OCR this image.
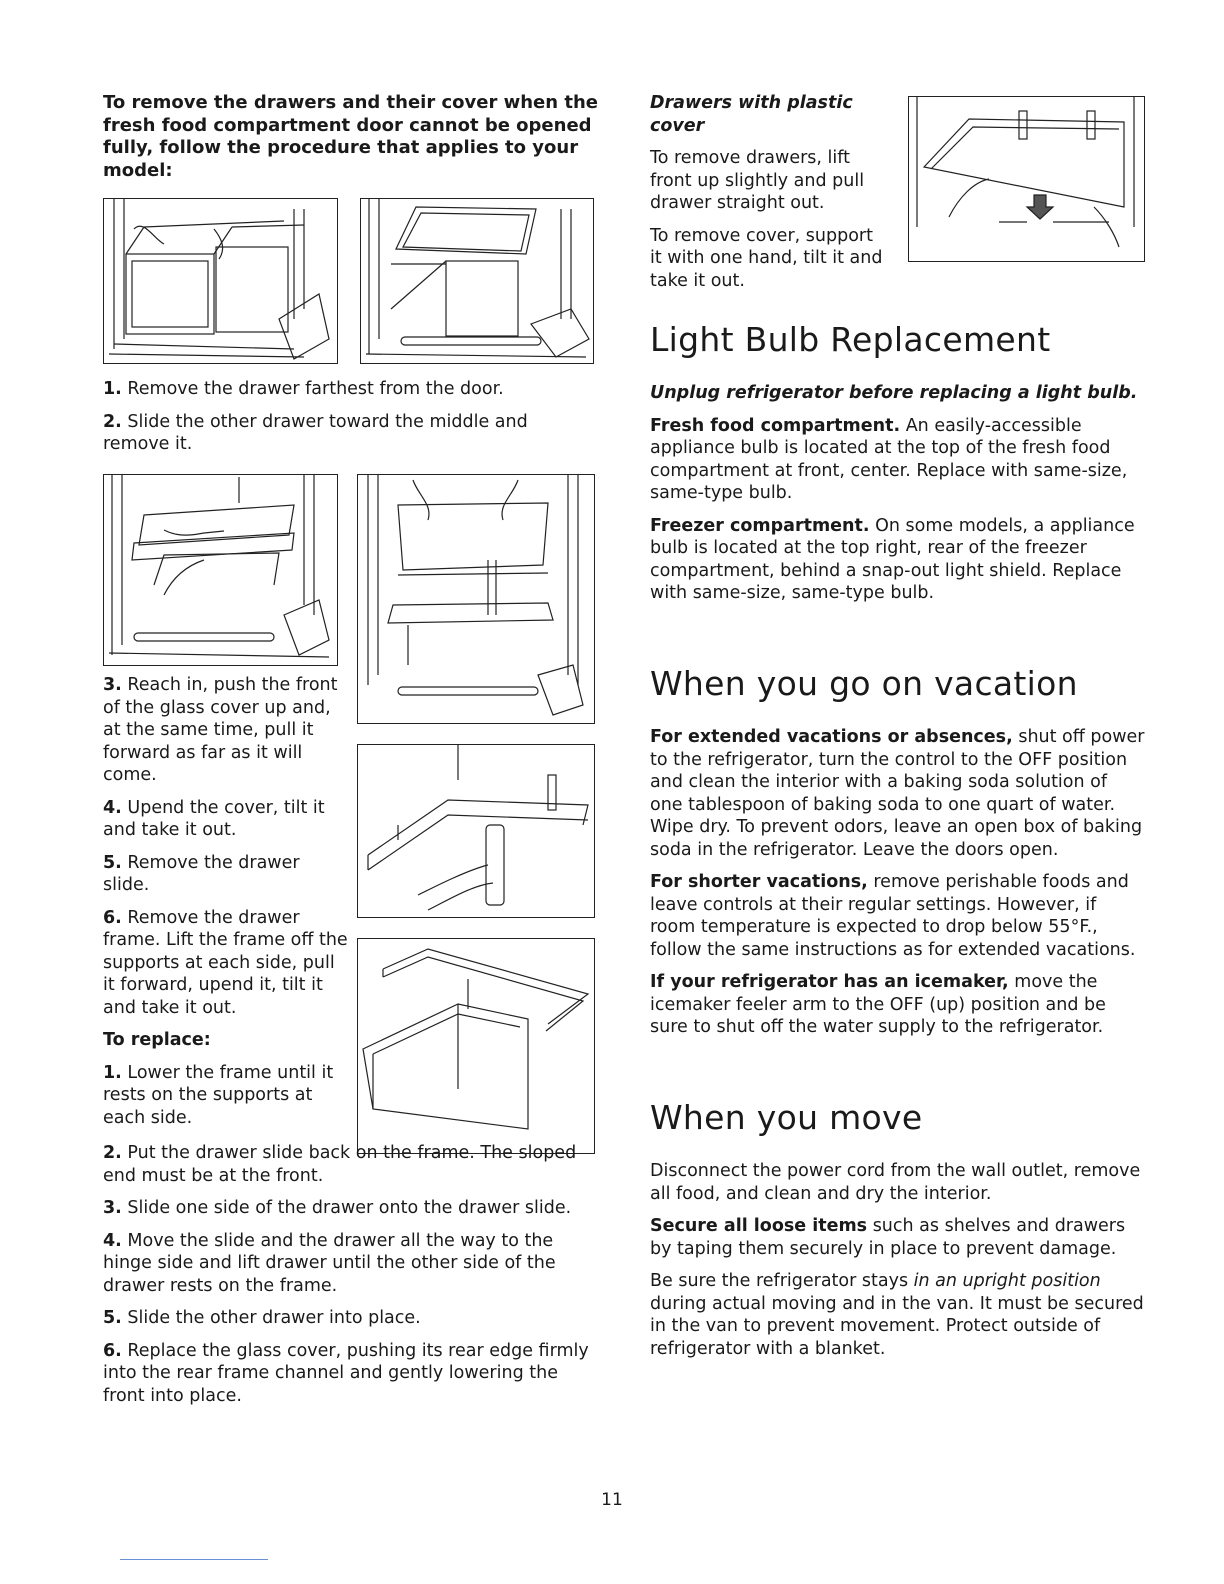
To remove the drawers and their cover when the fresh food compartment door cannot be opened fully, follow the procedure that applies to your model:

1. Remove the drawer farthest from the door.

2. Slide the other drawer toward the middle and remove it.

3. Reach in, push the front of the glass cover up and, at the same time, pull it forward as far as it will come.

4. Upend the cover, tilt it and take it out.

5. Remove the drawer slide.

6. Remove the drawer frame. Lift the frame off the supports at each side, pull it forward, upend it, tilt it and take it out.

To replace:

1. Lower the frame until it rests on the supports at each side.

2. Put the drawer slide back on the frame. The sloped end must be at the front.

3. Slide one side of the drawer onto the drawer slide.

4. Move the slide and the drawer all the way to the hinge side and lift drawer until the other side of the drawer rests on the frame.

5. Slide the other drawer into place.

6. Replace the glass cover, pushing its rear edge firmly into the rear frame channel and gently lowering the front into place.

Drawers with plastic cover

To remove drawers, lift front up slightly and pull drawer straight out.

To remove cover, support it with one hand, tilt it and take it out.

Light Bulb Replacement

Unplug refrigerator before replacing a light bulb.

Fresh food compartment. An easily-accessible appliance bulb is located at the top of the fresh food compartment at front, center. Replace with same-size, same-type bulb.

Freezer compartment. On some models, a appliance bulb is located at the top right, rear of the freezer compartment, behind a snap-out light shield. Replace with same-size, same-type bulb.

When you go on vacation

For extended vacations or absences, shut off power to the refrigerator, turn the control to the OFF position and clean the interior with a baking soda solution of one tablespoon of baking soda to one quart of water. Wipe dry. To prevent odors, leave an open box of baking soda in the refrigerator. Leave the doors open.

For shorter vacations, remove perishable foods and leave controls at their regular settings. However, if room temperature is expected to drop below 55°F., follow the same instructions as for extended vacations.

If your refrigerator has an icemaker, move the icemaker feeler arm to the OFF (up) position and be sure to shut off the water supply to the refrigerator.

When you move

Disconnect the power cord from the wall outlet, remove all food, and clean and dry the interior.

Secure all loose items such as shelves and drawers by taping them securely in place to prevent damage.

Be sure the refrigerator stays in an upright position during actual moving and in the van. It must be secured in the van to prevent movement. Protect outside of refrigerator with a blanket.

11
